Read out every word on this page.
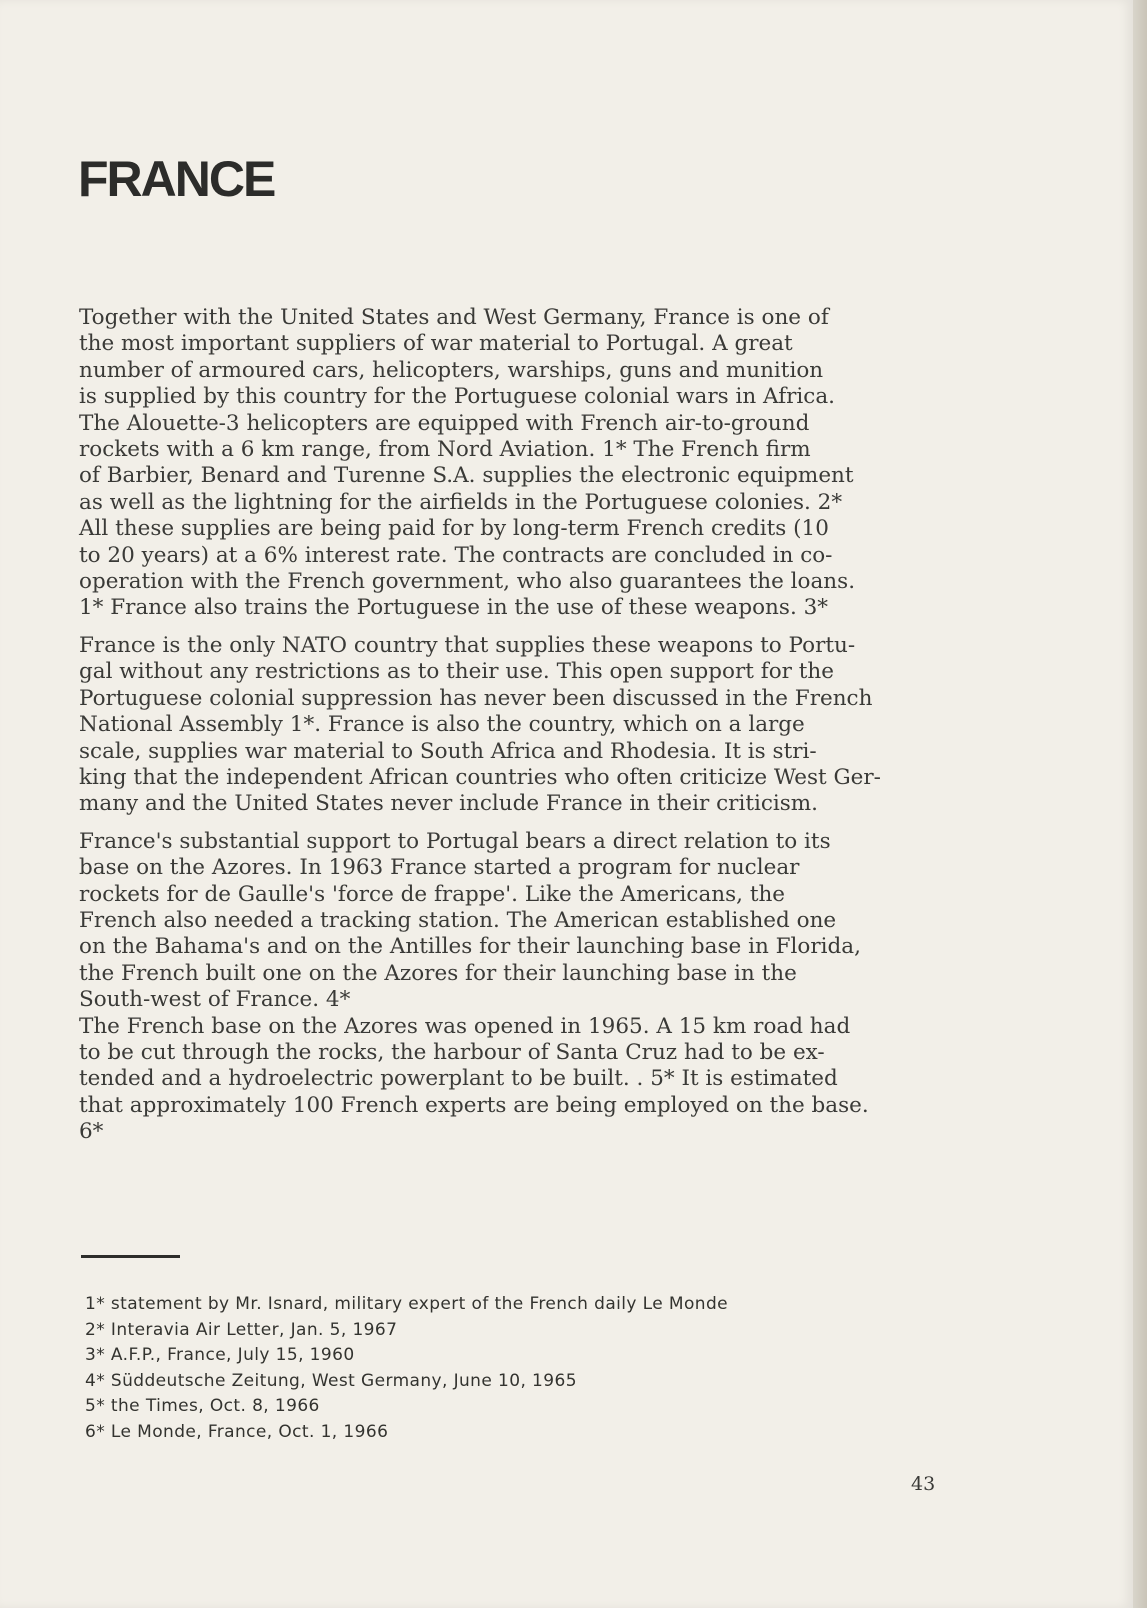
FRANCE

Together with the United States and West Germany, France is one of
the most important suppliers of war material to Portugal. A great
number of armoured cars, helicopters, warships, guns and munition
is supplied by this country for the Portuguese colonial wars in Africa.
The Alouette-3 helicopters are equipped with French air-to-ground
rockets with a 6 km range, from Nord Aviation. 1* The French firm
of Barbier, Benard and Turenne S.A. supplies the electronic equipment
as well as the lightning for the airfields in the Portuguese colonies. 2*
All these supplies are being paid for by long-term French credits (10
to 20 years) at a 6% interest rate. The contracts are concluded in co-
operation with the French government, who also guarantees the loans.
1* France also trains the Portuguese in the use of these weapons. 3*

France is the only NATO country that supplies these weapons to Portu-
gal without any restrictions as to their use. This open support for the
Portuguese colonial suppression has never been discussed in the French
National Assembly 1*. France is also the country, which on a large
scale, supplies war material to South Africa and Rhodesia. It is stri-
king that the independent African countries who often criticize West Ger-
many and the United States never include France in their criticism.

France's substantial support to Portugal bears a direct relation to its
base on the Azores. In 1963 France started a program for nuclear
rockets for de Gaulle's 'force de frappe'. Like the Americans, the
French also needed a tracking station. The American established one
on the Bahama's and on the Antilles for their launching base in Florida,
the French built one on the Azores for their launching base in the
South-west of France. 4*

The French base on the Azores was opened in 1965. A 15 km road had
to be cut through the rocks, the harbour of Santa Cruz had to be ex-
tended and a hydroelectric powerplant to be built. . 5* It is estimated
that approximately 100 French experts are being employed on the base.
6*

1* statement by Mr. Isnard, military expert of the French daily Le Monde
2* Interavia Air Letter, Jan. 5, 1967
3* A.F.P., France, July 15, 1960
4* Süddeutsche Zeitung, West Germany, June 10, 1965
5* the Times, Oct. 8, 1966
6* Le Monde, France, Oct. 1, 1966
43
